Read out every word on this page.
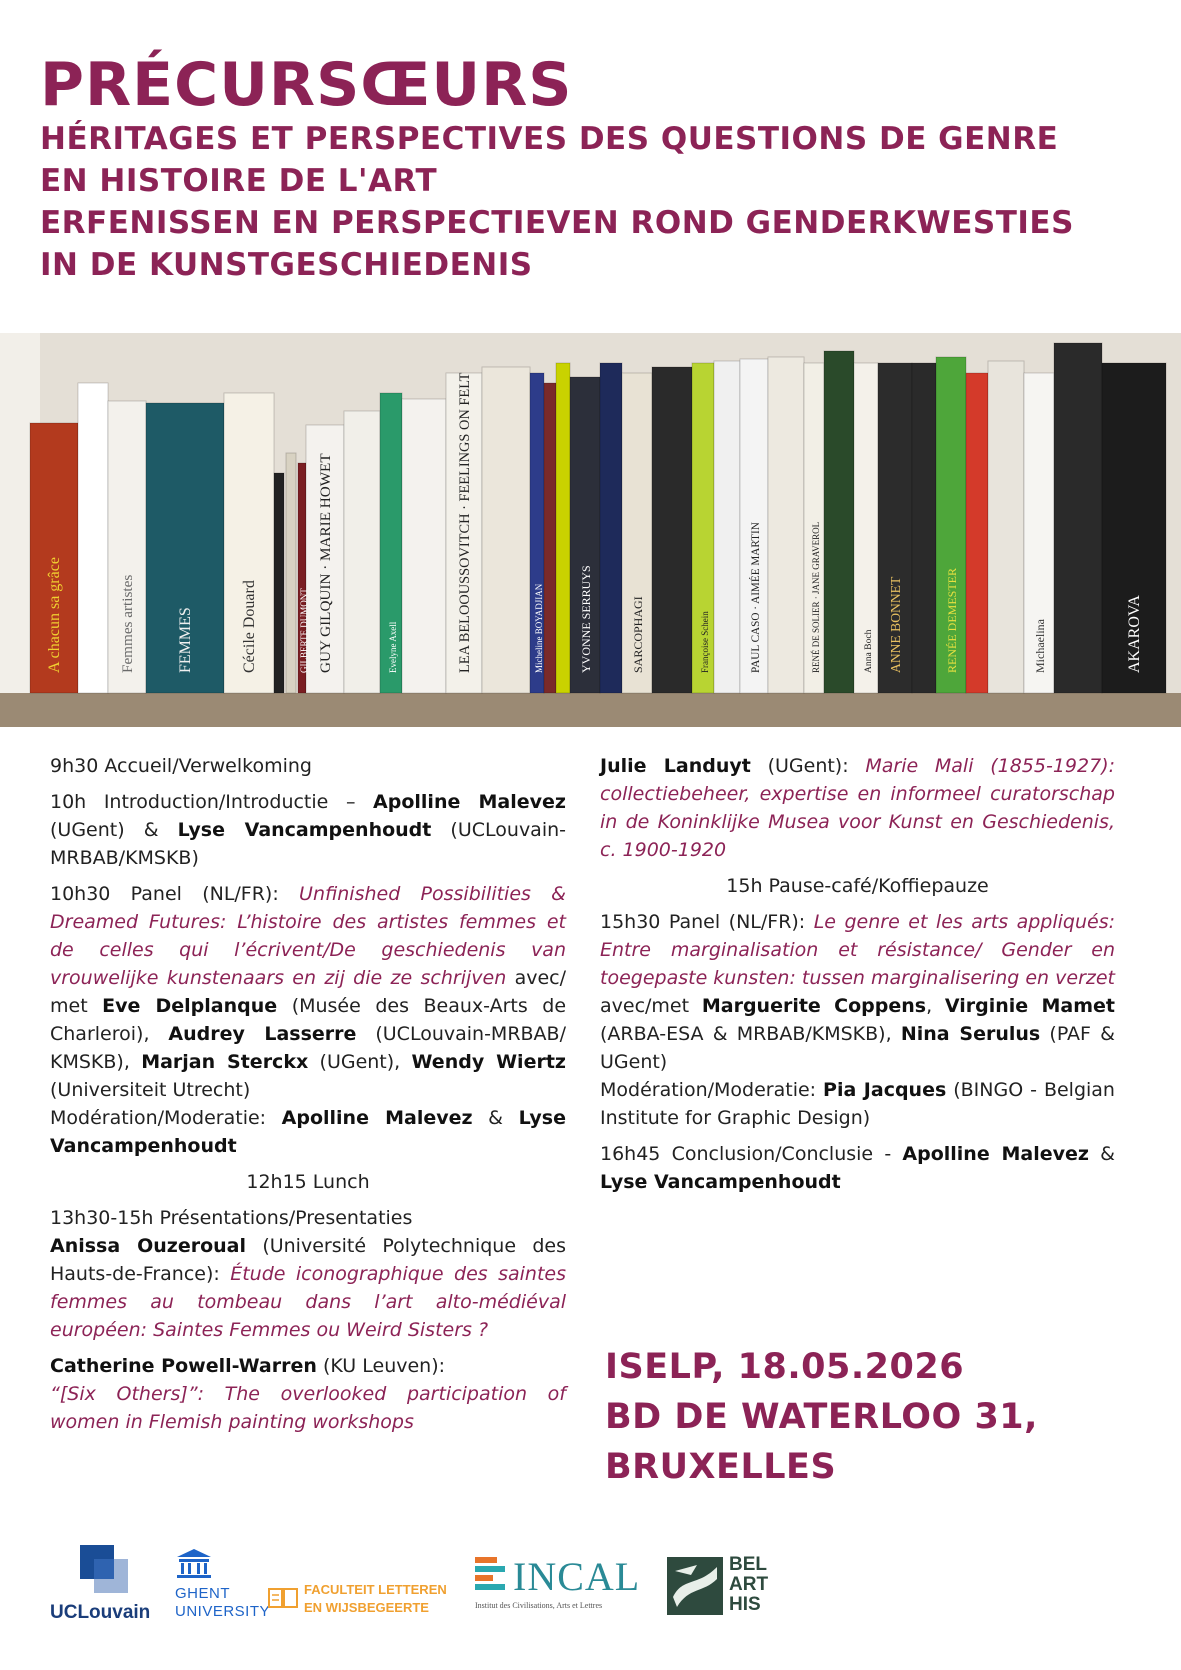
PRÉCURSŒURS
HÉRITAGES ET PERSPECTIVES DES QUESTIONS DE GENRE
EN HISTOIRE DE L'ART
ERFENISSEN EN PERSPECTIEVEN ROND GENDERKWESTIES
IN DE KUNSTGESCHIEDENIS
A chacun sa grâce	Femmes artistes	FEMMES	Cécile Douard	GILBERTE DUMONT GUY GILQUIN · MARIE HOWET	Evelyne Axell	LEA BELOOUSSOVITCH · FEELINGS ON FELT	Micheline BOYADJIAN	YVONNE SERRUYS	SARCOPHAGI	Françoise Schein	PAUL CASO · AIMÉE MARTIN	RENÉ DE SOLIER · JANE GRAVEROL	Anna Boch ANNE BONNET	RENÉE DEMESTER	Michaelina	AKAROVA

9h30 Accueil/Verwelkoming

10h Introduction/Introductie – Apolline Malevez (UGent) & Lyse Vancampenhoudt (UCLouvain-MRBAB/KMSKB)

10h30 Panel (NL/FR): Unfinished Possibilities & Dreamed Futures: L’histoire des artistes femmes et de celles qui l’écrivent/De geschiedenis van vrouwelijke kunstenaars en zij die ze schrijven avec/ met Eve Delplanque (Musée des Beaux-Arts de Charleroi), Audrey Lasserre (UCLouvain-MRBAB/ KMSKB), Marjan Sterckx (UGent), Wendy Wiertz (Universiteit Utrecht)

Modération/Moderatie: Apolline Malevez & Lyse Vancampenhoudt

12h15 Lunch

13h30-15h Présentations/Presentaties

Anissa Ouzeroual (Université Polytechnique des Hauts-de-France): Étude iconographique des saintes femmes au tombeau dans l’art alto-médiéval européen: Saintes Femmes ou Weird Sisters ?

Catherine Powell-Warren (KU Leuven):
“[Six Others]”: The overlooked participation of women in Flemish painting workshops

Julie Landuyt (UGent): Marie Mali (1855-1927): collectiebeheer, expertise en informeel curatorschap in de Koninklijke Musea voor Kunst en Geschiedenis, c. 1900-1920

15h Pause-café/Koffiepauze

15h30 Panel (NL/FR): Le genre et les arts appliqués: Entre marginalisation et résistance/ Gender en toegepaste kunsten: tussen marginalisering en verzet avec/met Marguerite Coppens, Virginie Mamet (ARBA-ESA & MRBAB/KMSKB), Nina Serulus (PAF & UGent)

Modération/Moderatie: Pia Jacques (BINGO - Belgian Institute for Graphic Design)

16h45 Conclusion/Conclusie - Apolline Malevez & Lyse Vancampenhoudt

ISELP, 18.05.2026
BD DE WATERLOO 31,
BRUXELLES
UCLouvain
GHENT
UNIVERSITY
FACULTEIT LETTEREN
EN WIJSBEGEERTE
INCAL
Institut des Civilisations, Arts et Lettres
BEL
ART
HIS
